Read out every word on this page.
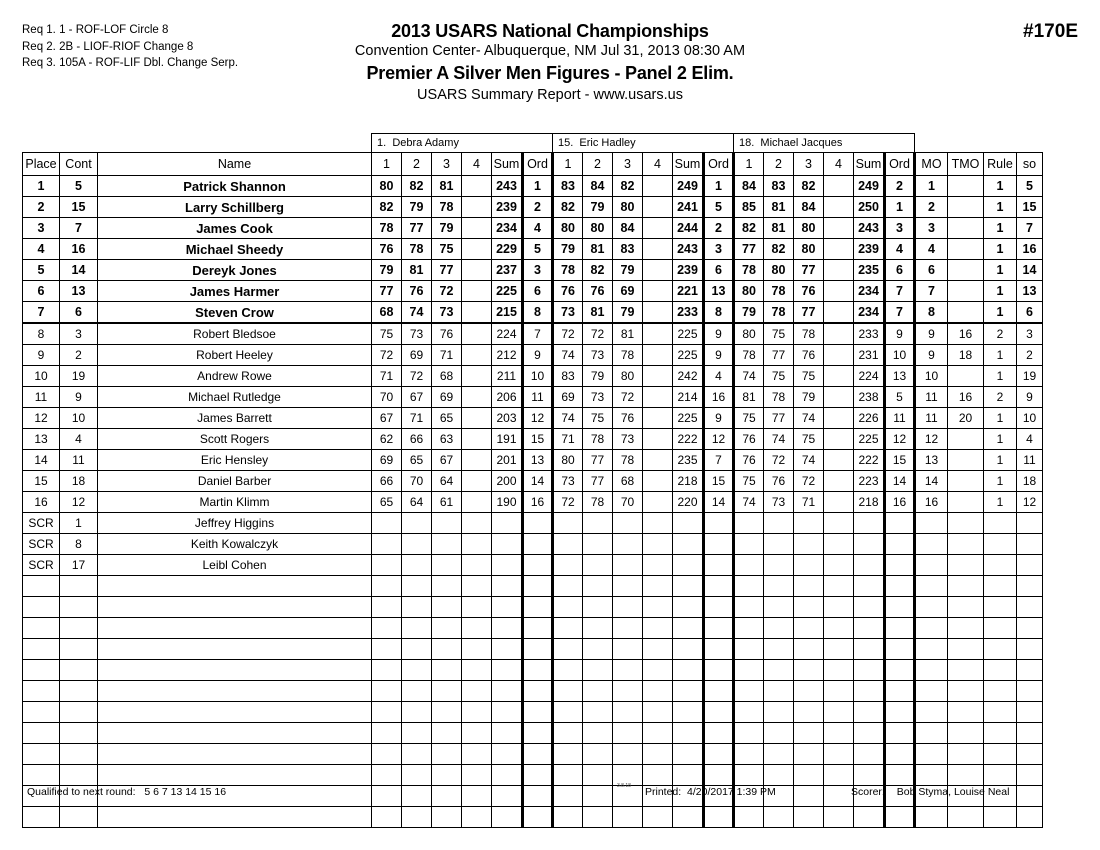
Req 1. 1 - ROF-LOF Circle 8
Req 2. 2B - LIOF-RIOF Change 8
Req 3. 105A - ROF-LIF Dbl. Change Serp.
2013 USARS National Championships
Convention Center- Albuquerque, NM Jul 31, 2013 08:30 AM
Premier A Silver Men Figures - Panel 2 Elim.
USARS Summary Report - www.usars.us
#170E
			1. Debra Adamy						15. Eric Hadley						18. Michael Jacques									
Place	Cont	Name	1	2	3	4	Sum	Ord	1	2	3	4	Sum	Ord	1	2	3	4	Sum	Ord	MO	TMO	Rule	so
1	5	Patrick Shannon	80	82	81		243	1	83	84	82		249	1	84	83	82		249	2	1		1	5
2	15	Larry Schillberg	82	79	78		239	2	82	79	80		241	5	85	81	84		250	1	2		1	15
3	7	James Cook	78	77	79		234	4	80	80	84		244	2	82	81	80		243	3	3		1	7
4	16	Michael Sheedy	76	78	75		229	5	79	81	83		243	3	77	82	80		239	4	4		1	16
5	14	Dereyk Jones	79	81	77		237	3	78	82	79		239	6	78	80	77		235	6	6		1	14
6	13	James Harmer	77	76	72		225	6	76	76	69		221	13	80	78	76		234	7	7		1	13
7	6	Steven Crow	68	74	73		215	8	73	81	79		233	8	79	78	77		234	7	8		1	6
8	3	Robert Bledsoe	75	73	76		224	7	72	72	81		225	9	80	75	78		233	9	9	16	2	3
9	2	Robert Heeley	72	69	71		212	9	74	73	78		225	9	78	77	76		231	10	9	18	1	2
10	19	Andrew Rowe	71	72	68		211	10	83	79	80		242	4	74	75	75		224	13	10		1	19
11	9	Michael Rutledge	70	67	69		206	11	69	73	72		214	16	81	78	79		238	5	11	16	2	9
12	10	James Barrett	67	71	65		203	12	74	75	76		225	9	75	77	74		226	11	11	20	1	10
13	4	Scott Rogers	62	66	63		191	15	71	78	73		222	12	76	74	75		225	12	12		1	4
14	11	Eric Hensley	69	65	67		201	13	80	77	78		235	7	76	72	74		222	15	13		1	11
15	18	Daniel Barber	66	70	64		200	14	73	77	68		218	15	75	76	72		223	14	14		1	18
16	12	Martin Klimm	65	64	61		190	16	72	78	70		220	14	74	73	71		218	16	16		1	12
SCR	1	Jeffrey Higgins																						
SCR	8	Keith Kowalczyk																						
SCR	17	Leibl Cohen																						

Qualified to next round: 5 6 7 13 14 15 16	3.8.18 Printed: 4/20/2017 1:39 PM	Scorer: Bob Styma, Louise Neal
